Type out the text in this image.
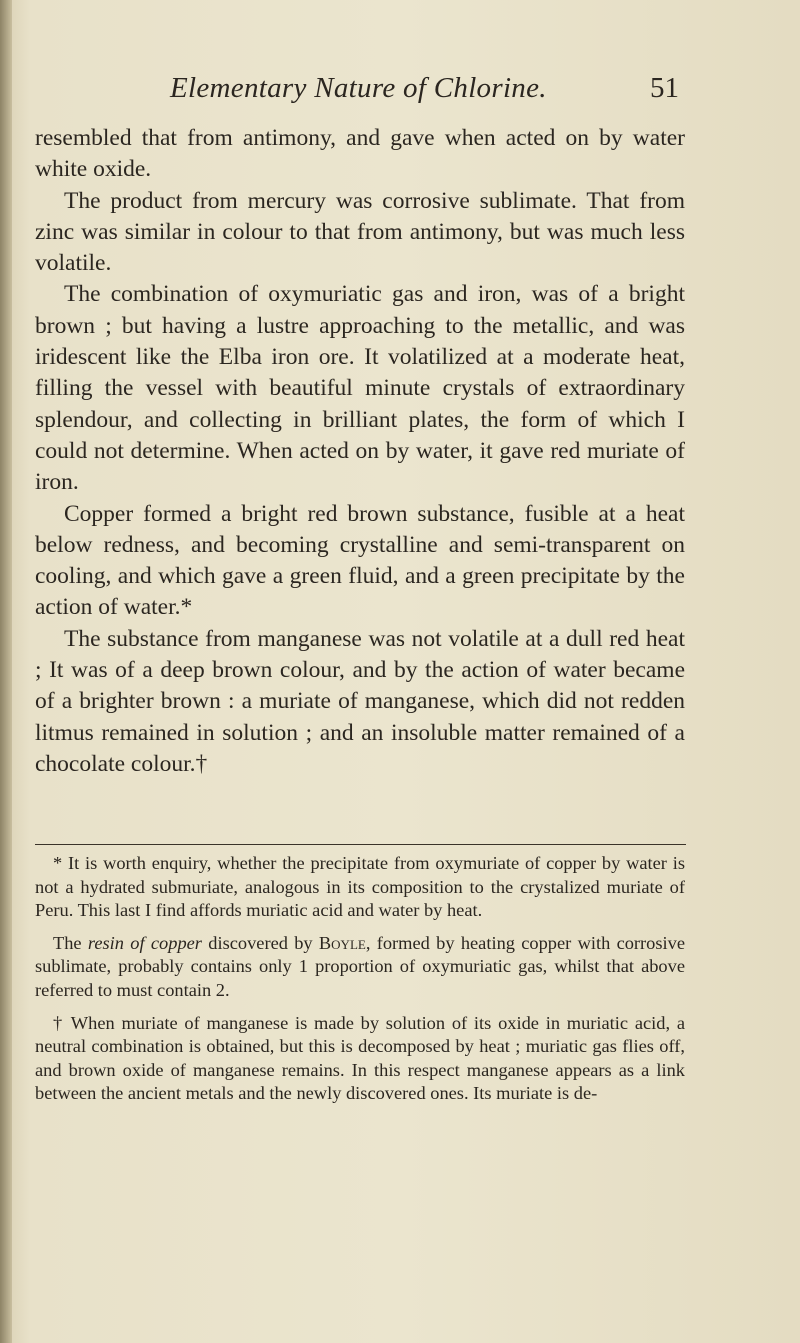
Elementary Nature of Chlorine.	51

resembled that from antimony, and gave when acted on by water white oxide.

The product from mercury was corrosive sublimate. That from zinc was similar in colour to that from antimony, but was much less volatile.

The combination of oxymuriatic gas and iron, was of a bright brown ; but having a lustre approaching to the metallic, and was iridescent like the Elba iron ore. It volatilized at a moderate heat, filling the vessel with beautiful minute crystals of extraordinary splendour, and collecting in brilliant plates, the form of which I could not determine. When acted on by water, it gave red muriate of iron.

Copper formed a bright red brown substance, fusible at a heat below redness, and becoming crystalline and semi-transparent on cooling, and which gave a green fluid, and a green precipitate by the action of water.*

The substance from manganese was not volatile at a dull red heat ; It was of a deep brown colour, and by the action of water became of a brighter brown : a muriate of manganese, which did not redden litmus remained in solution ; and an insoluble matter remained of a chocolate colour.†

* It is worth enquiry, whether the precipitate from oxymuriate of copper by water is not a hydrated submuriate, analogous in its composition to the crystalized muriate of Peru. This last I find affords muriatic acid and water by heat.

The resin of copper discovered by Boyle, formed by heating copper with corrosive sublimate, probably contains only 1 proportion of oxymuriatic gas, whilst that above referred to must contain 2.

† When muriate of manganese is made by solution of its oxide in muriatic acid, a neutral combination is obtained, but this is decomposed by heat ; muriatic gas flies off, and brown oxide of manganese remains. In this respect manganese appears as a link between the ancient metals and the newly discovered ones. Its muriate is de-
